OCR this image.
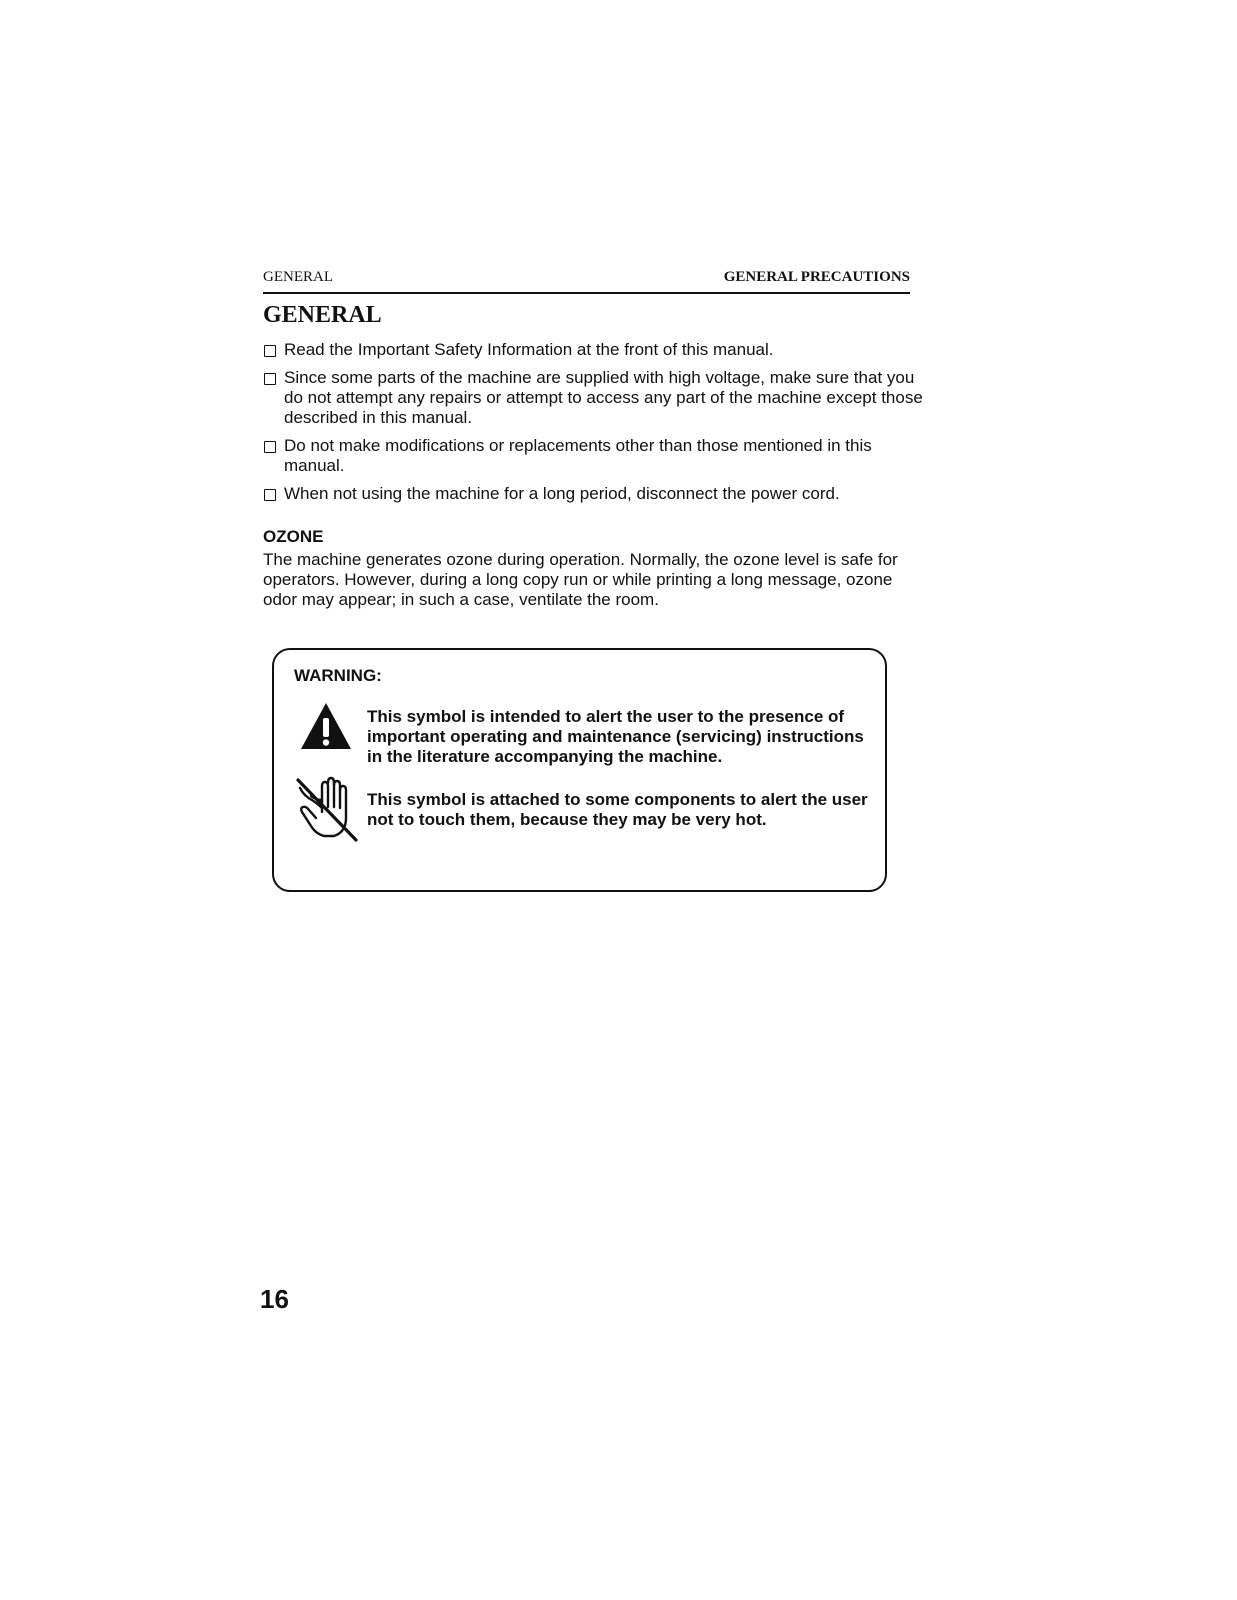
GENERAL	GENERAL PRECAUTIONS
GENERAL
Read the Important Safety Information at the front of this manual.
Since some parts of the machine are supplied with high voltage, make sure that you do not attempt any repairs or attempt to access any part of the machine except those described in this manual.
Do not make modifications or replacements other than those mentioned in this manual.
When not using the machine for a long period, disconnect the power cord.
OZONE

The machine generates ozone during operation. Normally, the ozone level is safe for operators. However, during a long copy run or while printing a long message, ozone odor may appear; in such a case, ventilate the room.

WARNING:

This symbol is intended to alert the user to the presence of important operating and maintenance (servicing) instructions in the literature accompanying the machine.

This symbol is attached to some components to alert the user not to touch them, because they may be very hot.

16
